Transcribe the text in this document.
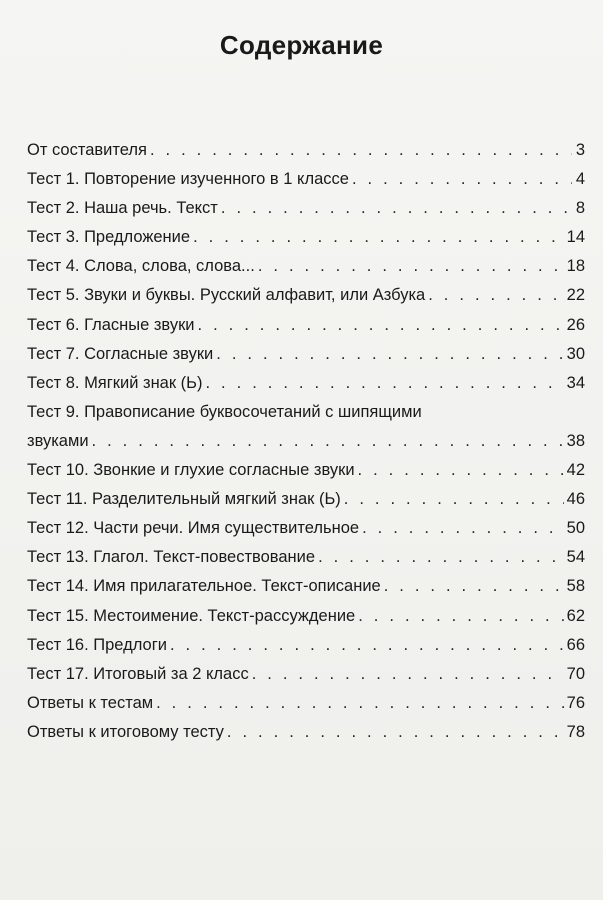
Содержание
От составителя . . .	3
Тест 1. Повторение изученного в 1 классе . . .	4
Тест 2. Наша речь. Текст . . .	8
Тест 3. Предложение . . .	14
Тест 4. Слова, слова, слова... . . .	18
Тест 5. Звуки и буквы. Русский алфавит, или Азбука . . .	22
Тест 6. Гласные звуки . . .	26
Тест 7. Согласные звуки . . .	30
Тест 8. Мягкий знак (Ь) . . .	34
Тест 9. Правописание буквосочетаний с шипящими
звуками . . .	38
Тест 10. Звонкие и глухие согласные звуки . . .	42
Тест 11. Разделительный мягкий знак (Ь) . . .	46
Тест 12. Части речи. Имя существительное . . .	50
Тест 13. Глагол. Текст-повествование . . .	54
Тест 14. Имя прилагательное. Текст-описание . . .	58
Тест 15. Местоимение. Текст-рассуждение . . .	62
Тест 16. Предлоги . . .	66
Тест 17. Итоговый за 2 класс . . .	70
Ответы к тестам . . .	76
Ответы к итоговому тесту . . .	78
